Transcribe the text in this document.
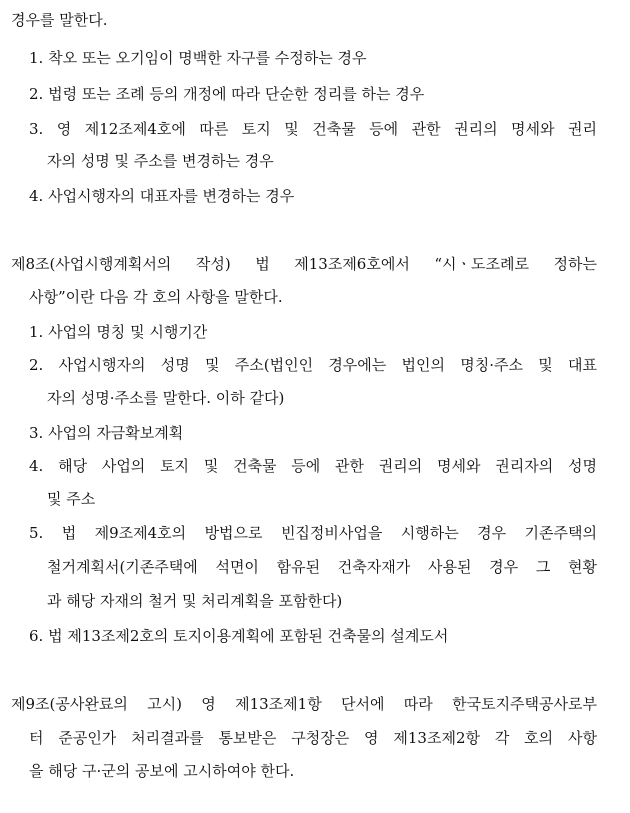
경우를 말한다.
1. 착오 또는 오기임이 명백한 자구를 수정하는 경우
2. 법령 또는 조례 등의 개정에 따라 단순한 정리를 하는 경우
3. 영 제12조제4호에 따른 토지 및 건축물 등에 관한 권리의 명세와 권리
자의 성명 및 주소를 변경하는 경우
4. 사업시행자의 대표자를 변경하는 경우
제8조(사업시행계획서의 작성) 법 제13조제6호에서 “시ㆍ도조례로 정하는
사항”이란 다음 각 호의 사항을 말한다.
1. 사업의 명칭 및 시행기간
2. 사업시행자의 성명 및 주소(법인인 경우에는 법인의 명칭·주소 및 대표
자의 성명·주소를 말한다. 이하 같다)
3. 사업의 자금확보계획
4. 해당 사업의 토지 및 건축물 등에 관한 권리의 명세와 권리자의 성명
및 주소
5. 법 제9조제4호의 방법으로 빈집정비사업을 시행하는 경우 기존주택의
철거계획서(기존주택에 석면이 함유된 건축자재가 사용된 경우 그 현황
과 해당 자재의 철거 및 처리계획을 포함한다)
6. 법 제13조제2호의 토지이용계획에 포함된 건축물의 설계도서
제9조(공사완료의 고시) 영 제13조제1항 단서에 따라 한국토지주택공사로부
터 준공인가 처리결과를 통보받은 구청장은 영 제13조제2항 각 호의 사항
을 해당 구·군의 공보에 고시하여야 한다.
